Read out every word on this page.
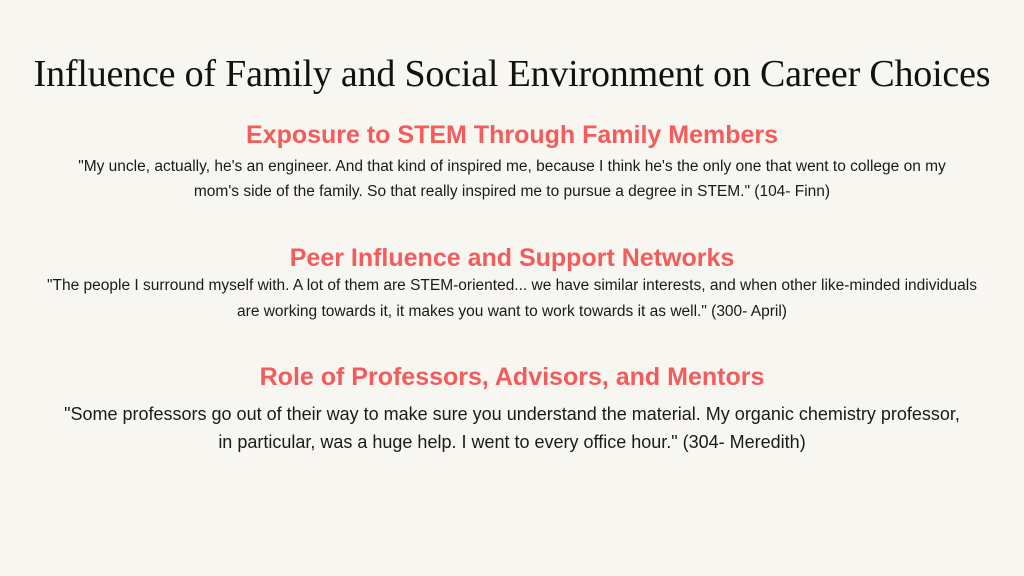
Influence of Family and Social Environment on Career Choices
Exposure to STEM Through Family Members

"My uncle, actually, he's an engineer. And that kind of inspired me, because I think he's the only one that went to college on my mom's side of the family. So that really inspired me to pursue a degree in STEM." (104- Finn)

Peer Influence and Support Networks

"The people I surround myself with. A lot of them are STEM-oriented... we have similar interests, and when other like-minded individuals are working towards it, it makes you want to work towards it as well." (300- April)

Role of Professors, Advisors, and Mentors

"Some professors go out of their way to make sure you understand the material. My organic chemistry professor, in particular, was a huge help. I went to every office hour." (304- Meredith)
